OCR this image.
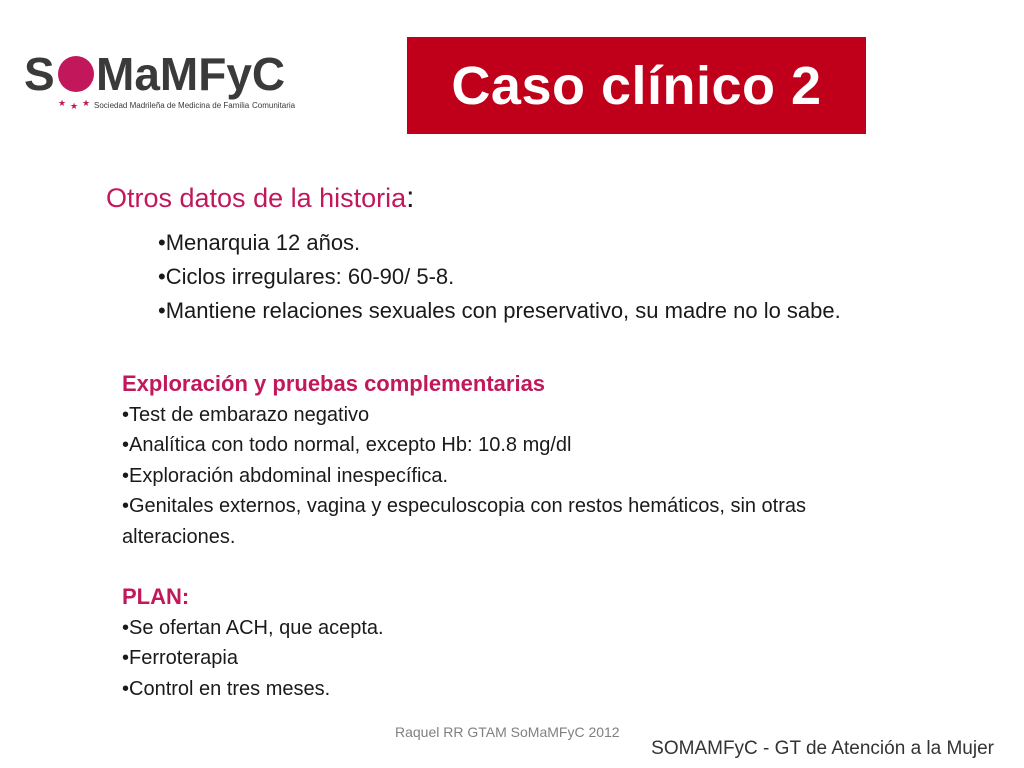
S MaMFyC
★ ★ ★ Sociedad Madrileña de Medicina de Familia Comunitaria	Caso clínico 2
Otros datos de la historia:
•Menarquia 12 años.
•Ciclos irregulares: 60-90/ 5-8.
•Mantiene relaciones sexuales con preservativo, su madre no lo sabe.
Exploración y pruebas complementarias
•Test de embarazo negativo
•Analítica con todo normal, excepto Hb: 10.8 mg/dl
•Exploración abdominal inespecífica.
•Genitales externos, vagina y especuloscopia con restos hemáticos, sin otras alteraciones.
PLAN:
•Se ofertan ACH, que acepta.
•Ferroterapia
•Control en tres meses.
Raquel RR GTAM SoMaMFyC 2012
SOMAMFyC - GT de Atención a la Mujer
